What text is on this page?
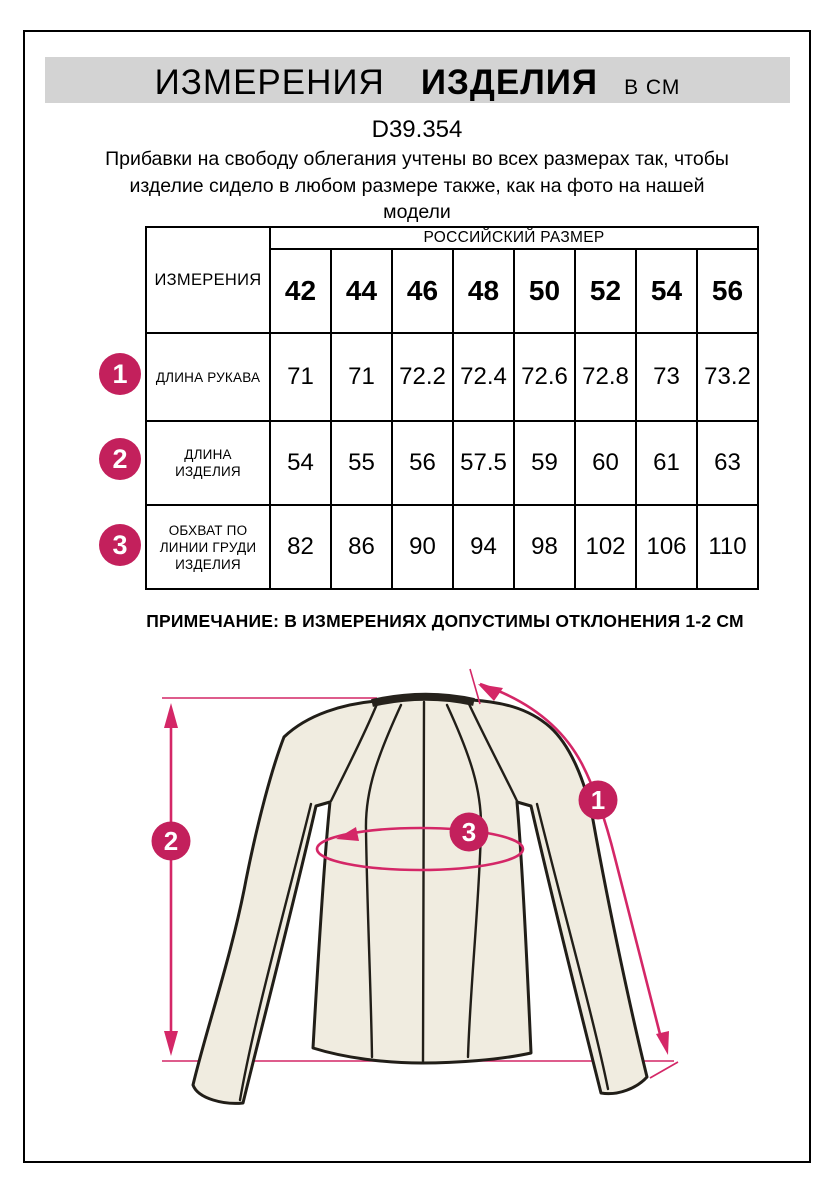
ИЗМЕРЕНИЯ ИЗДЕЛИЯ В СМ
D39.354
Прибавки на свободу облегания учтены во всех размерах так, чтобы
изделие сидело в любом размере также, как на фото на нашей
модели
ИЗМЕРЕНИЯ	РОССИЙСКИЙ РАЗМЕР							
	42	44	46	48	50	52	54	56
ДЛИНА РУКАВА	71	71	72.2	72.4	72.6	72.8	73	73.2
ДЛИНА ИЗДЕЛИЯ	54	55	56	57.5	59	60	61	63
ОБХВАТ ПО ЛИНИИ ГРУДИ ИЗДЕЛИЯ	82	86	90	94	98	102	106	110
1
2
3
ПРИМЕЧАНИЕ: В ИЗМЕРЕНИЯХ ДОПУСТИМЫ ОТКЛОНЕНИЯ 1-2 СМ
1
2	3
